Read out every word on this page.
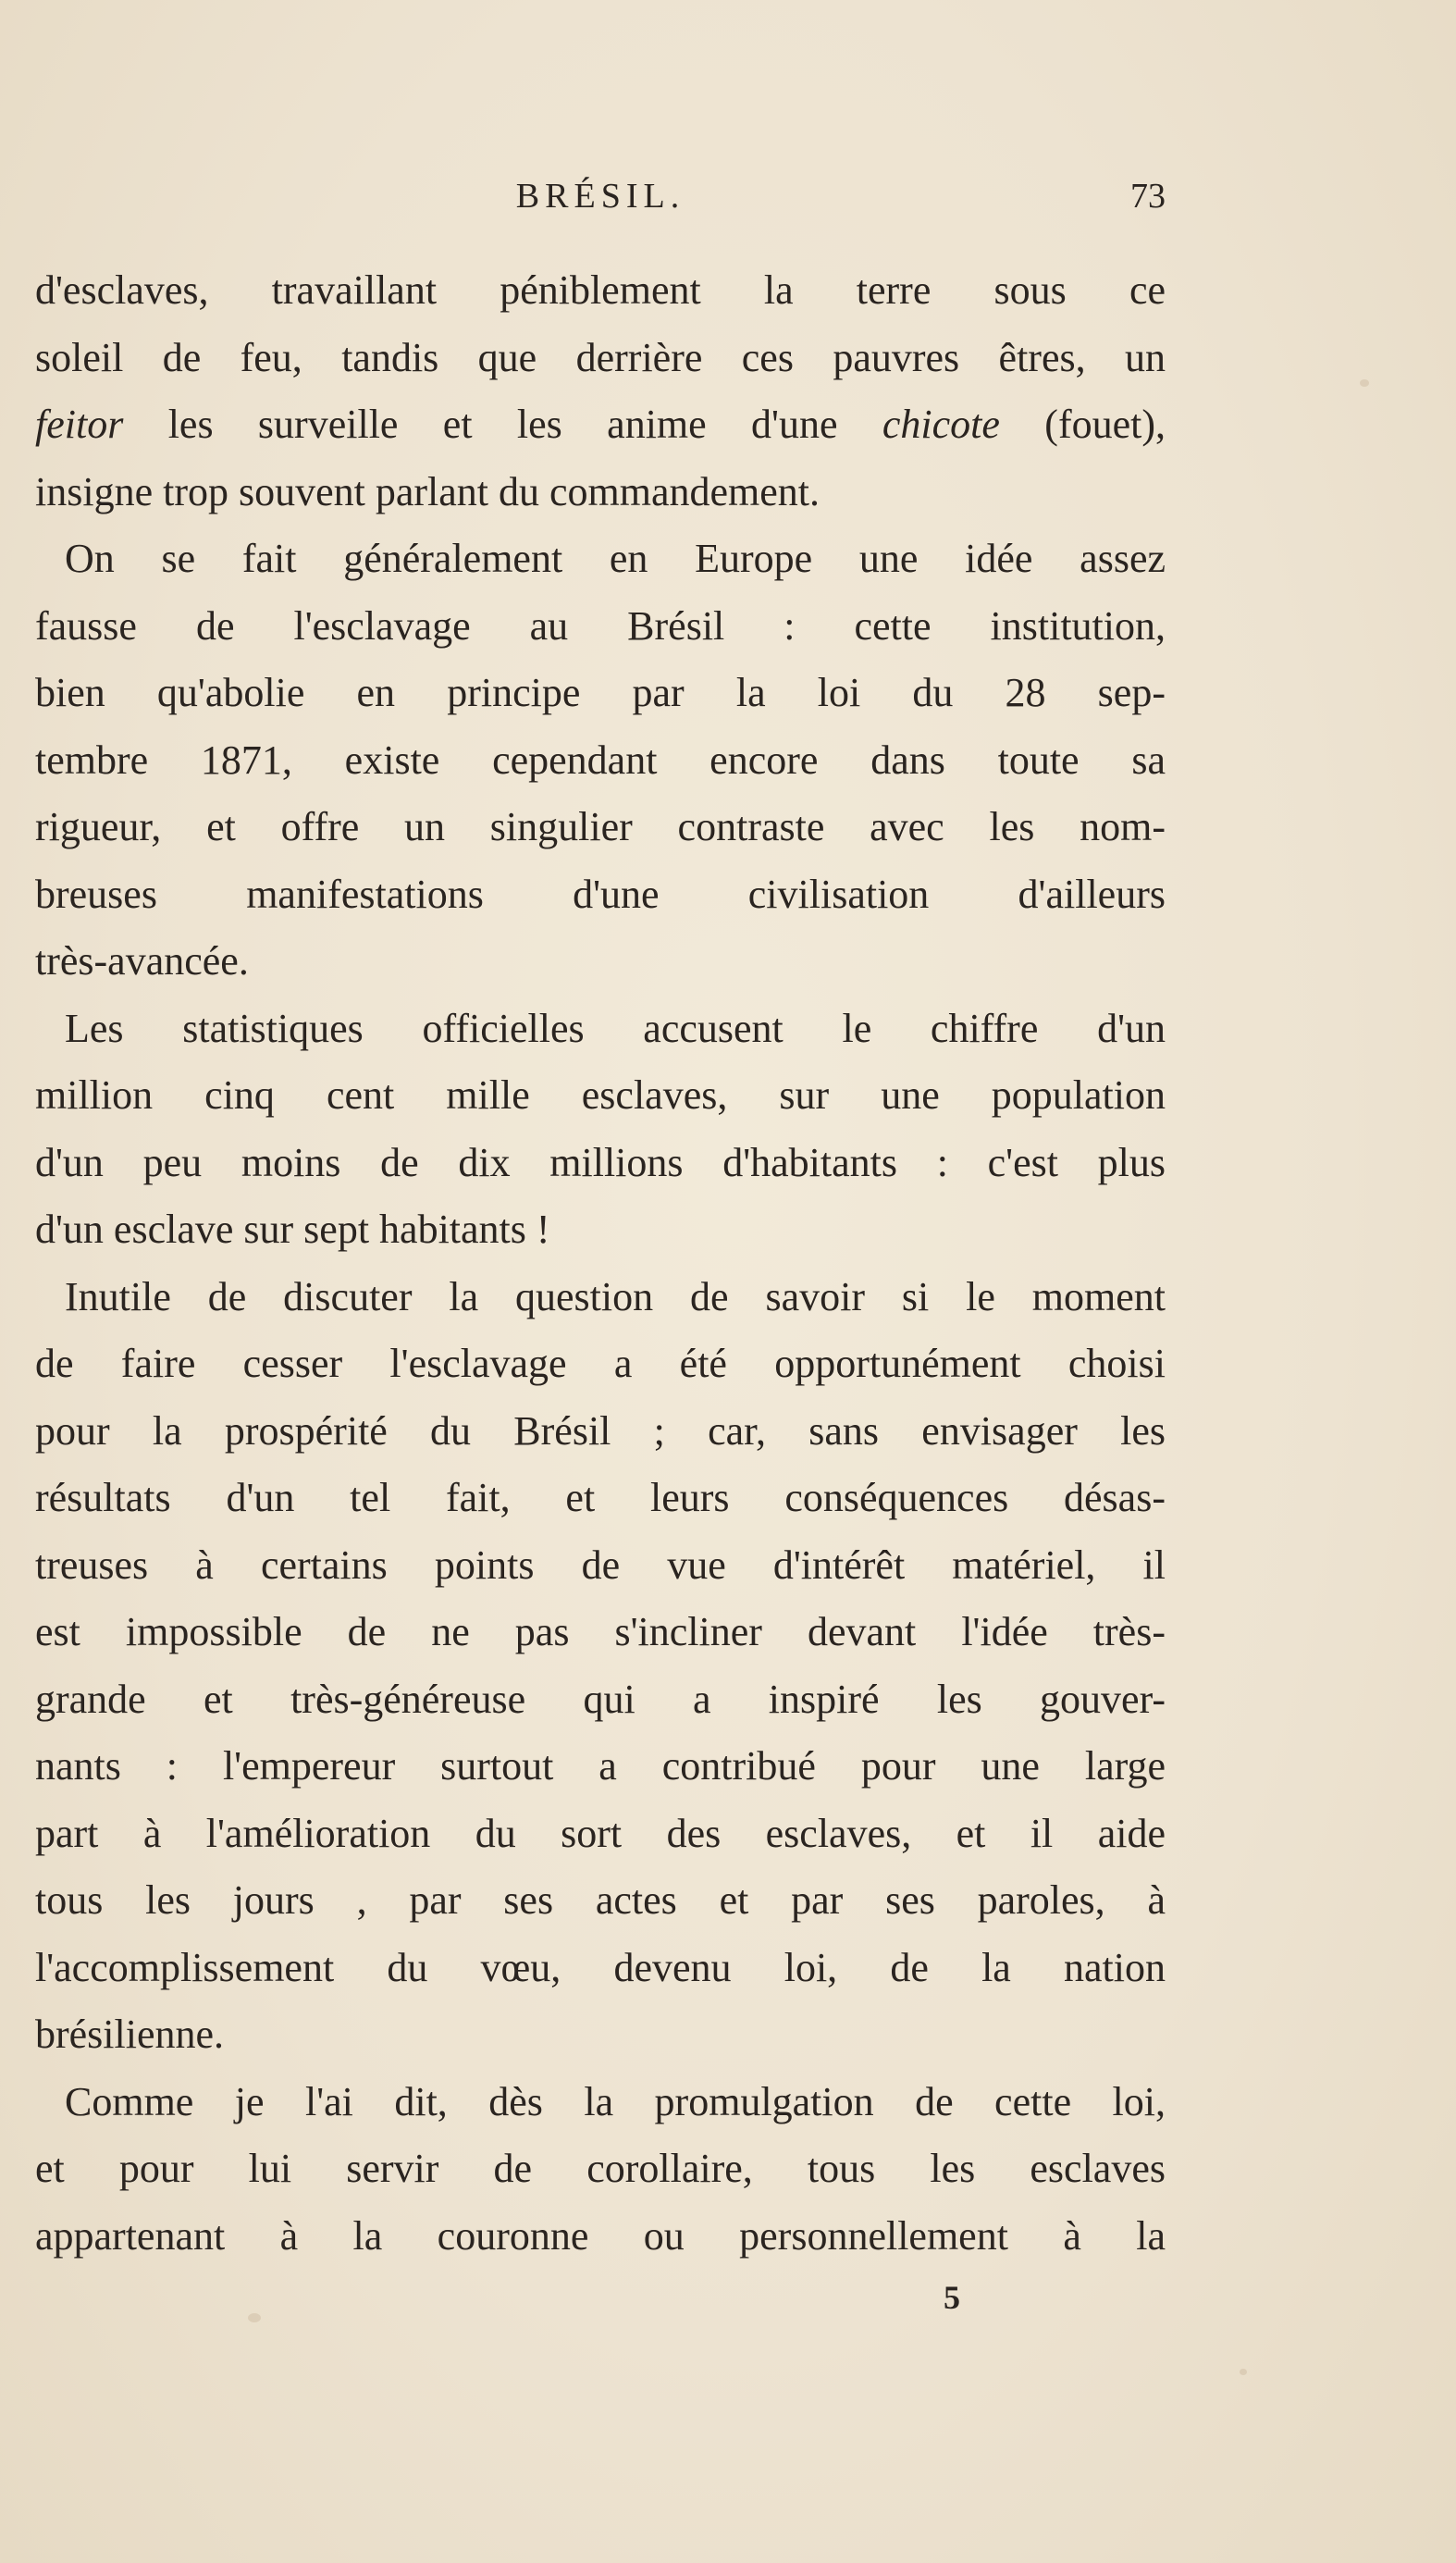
BRÉSIL.	73
d'esclaves, travaillant péniblement la terre sous ce
soleil de feu, tandis que derrière ces pauvres êtres, un
feitor les surveille et les anime d'une chicote (fouet),
insigne trop souvent parlant du commandement.
On se fait généralement en Europe une idée assez
fausse de l'esclavage au Brésil : cette institution,
bien qu'abolie en principe par la loi du 28 sep-
tembre 1871, existe cependant encore dans toute sa
rigueur, et offre un singulier contraste avec les nom-
breuses manifestations d'une civilisation d'ailleurs
très-avancée.
Les statistiques officielles accusent le chiffre d'un
million cinq cent mille esclaves, sur une population
d'un peu moins de dix millions d'habitants : c'est plus
d'un esclave sur sept habitants !
Inutile de discuter la question de savoir si le moment
de faire cesser l'esclavage a été opportunément choisi
pour la prospérité du Brésil ; car, sans envisager les
résultats d'un tel fait, et leurs conséquences désas-
treuses à certains points de vue d'intérêt matériel, il
est impossible de ne pas s'incliner devant l'idée très-
grande et très-généreuse qui a inspiré les gouver-
nants : l'empereur surtout a contribué pour une large
part à l'amélioration du sort des esclaves, et il aide
tous les jours , par ses actes et par ses paroles, à
l'accomplissement du vœu, devenu loi, de la nation
brésilienne.
Comme je l'ai dit, dès la promulgation de cette loi,
et pour lui servir de corollaire, tous les esclaves
appartenant à la couronne ou personnellement à la
5
